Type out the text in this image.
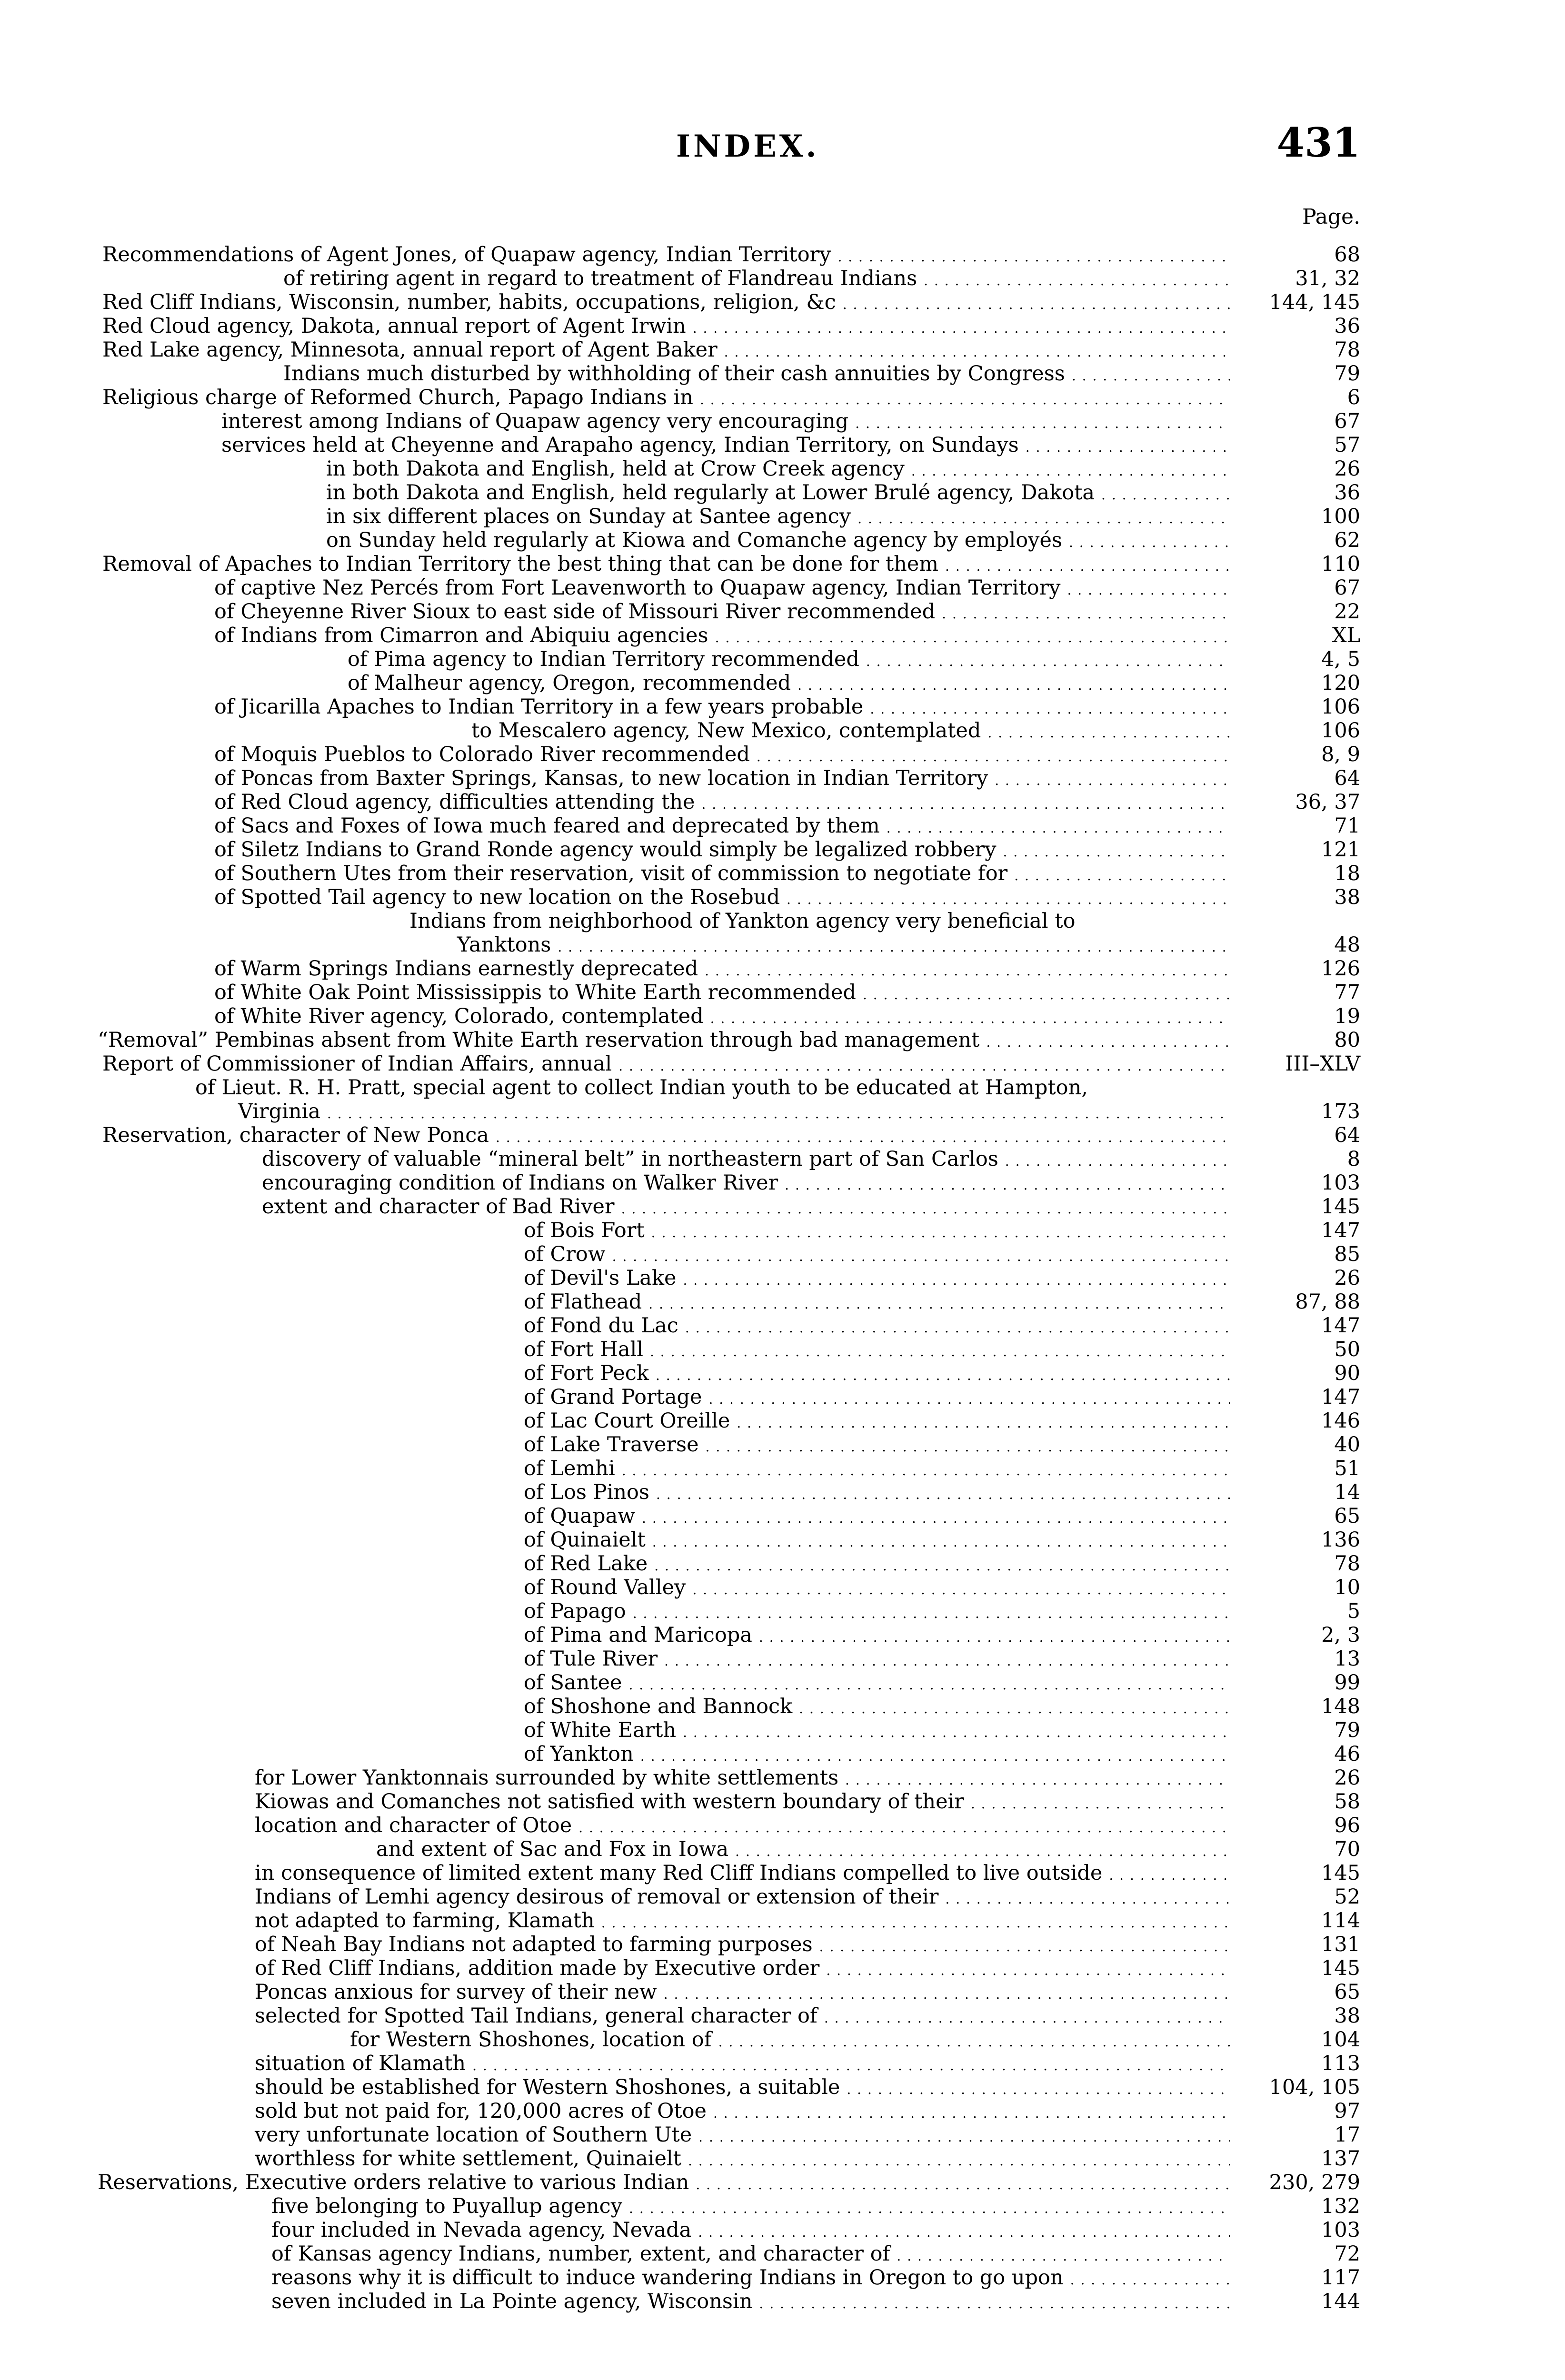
INDEX.	431
Page.
Recommendations of Agent Jones, of Quapaw agency, Indian Territory . . .	68
of retiring agent in regard to treatment of Flandreau Indians . . .	31, 32
Red Cliff Indians, Wisconsin, number, habits, occupations, religion, &c . . .	144, 145
Red Cloud agency, Dakota, annual report of Agent Irwin . . .	36
Red Lake agency, Minnesota, annual report of Agent Baker . . .	78
Indians much disturbed by withholding of their cash annuities by Congress . . .	79
Religious charge of Reformed Church, Papago Indians in . . .	6
interest among Indians of Quapaw agency very encouraging . . .	67
services held at Cheyenne and Arapaho agency, Indian Territory, on Sundays . . .	57
in both Dakota and English, held at Crow Creek agency . . .	26
in both Dakota and English, held regularly at Lower Brulé agency, Dakota . . .	36
in six different places on Sunday at Santee agency . . .	100
on Sunday held regularly at Kiowa and Comanche agency by employés . . .	62
Removal of Apaches to Indian Territory the best thing that can be done for them . . .	110
of captive Nez Percés from Fort Leavenworth to Quapaw agency, Indian Territory . . .	67
of Cheyenne River Sioux to east side of Missouri River recommended . . .	22
of Indians from Cimarron and Abiquiu agencies . . .	XL
of Pima agency to Indian Territory recommended . . .	4, 5
of Malheur agency, Oregon, recommended . . .	120
of Jicarilla Apaches to Indian Territory in a few years probable . . .	106
to Mescalero agency, New Mexico, contemplated . . .	106
of Moquis Pueblos to Colorado River recommended . . .	8, 9
of Poncas from Baxter Springs, Kansas, to new location in Indian Territory . . .	64
of Red Cloud agency, difficulties attending the . . .	36, 37
of Sacs and Foxes of Iowa much feared and deprecated by them . . .	71
of Siletz Indians to Grand Ronde agency would simply be legalized robbery . . .	121
of Southern Utes from their reservation, visit of commission to negotiate for . . .	18
of Spotted Tail agency to new location on the Rosebud . . .	38
Indians from neighborhood of Yankton agency very beneficial to
Yanktons . . .	48
of Warm Springs Indians earnestly deprecated . . .	126
of White Oak Point Mississippis to White Earth recommended . . .	77
of White River agency, Colorado, contemplated . . .	19
“Removal” Pembinas absent from White Earth reservation through bad management . . .	80
Report of Commissioner of Indian Affairs, annual . . .	III–XLV
of Lieut. R. H. Pratt, special agent to collect Indian youth to be educated at Hampton,
Virginia . . .	173
Reservation, character of New Ponca . . .	64
discovery of valuable “mineral belt” in northeastern part of San Carlos . . .	8
encouraging condition of Indians on Walker River . . .	103
extent and character of Bad River . . .	145
of Bois Fort . . .	147
of Crow . . .	85
of Devil's Lake . . .	26
of Flathead . . .	87, 88
of Fond du Lac . . .	147
of Fort Hall . . .	50
of Fort Peck . . .	90
of Grand Portage . . .	147
of Lac Court Oreille . . .	146
of Lake Traverse . . .	40
of Lemhi . . .	51
of Los Pinos . . .	14
of Quapaw . . .	65
of Quinaielt . . .	136
of Red Lake . . .	78
of Round Valley . . .	10
of Papago . . .	5
of Pima and Maricopa . . .	2, 3
of Tule River . . .	13
of Santee . . .	99
of Shoshone and Bannock . . .	148
of White Earth . . .	79
of Yankton . . .	46
for Lower Yanktonnais surrounded by white settlements . . .	26
Kiowas and Comanches not satisfied with western boundary of their . . .	58
location and character of Otoe . . .	96
and extent of Sac and Fox in Iowa . . .	70
in consequence of limited extent many Red Cliff Indians compelled to live outside . . .	145
Indians of Lemhi agency desirous of removal or extension of their . . .	52
not adapted to farming, Klamath . . .	114
of Neah Bay Indians not adapted to farming purposes . . .	131
of Red Cliff Indians, addition made by Executive order . . .	145
Poncas anxious for survey of their new . . .	65
selected for Spotted Tail Indians, general character of . . .	38
for Western Shoshones, location of . . .	104
situation of Klamath . . .	113
should be established for Western Shoshones, a suitable . . .	104, 105
sold but not paid for, 120,000 acres of Otoe . . .	97
very unfortunate location of Southern Ute . . .	17
worthless for white settlement, Quinaielt . . .	137
Reservations, Executive orders relative to various Indian . . .	230, 279
five belonging to Puyallup agency . . .	132
four included in Nevada agency, Nevada . . .	103
of Kansas agency Indians, number, extent, and character of . . .	72
reasons why it is difficult to induce wandering Indians in Oregon to go upon . . .	117
seven included in La Pointe agency, Wisconsin . . .	144
